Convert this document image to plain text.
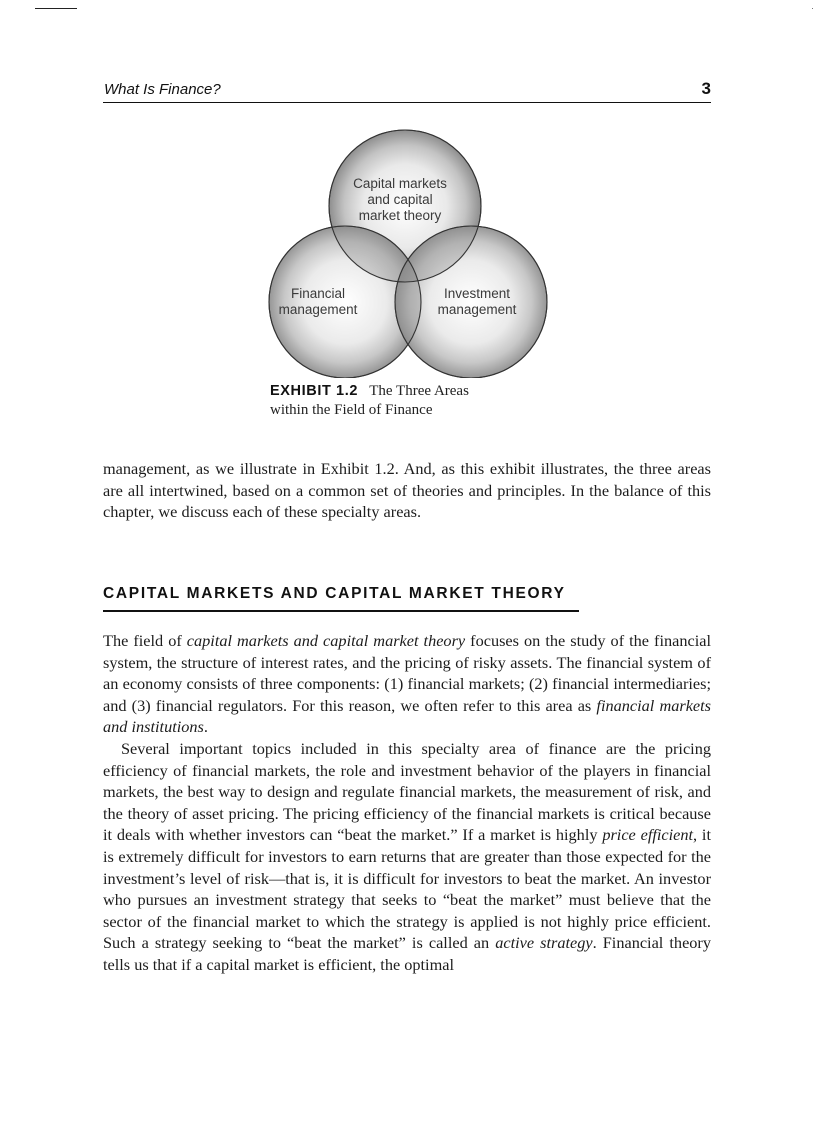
What Is Finance?	3
Capital markets
and capital
market theory
Financial
management
Investment
management
EXHIBIT 1.2 The Three Areas
within the Field of Finance

management, as we illustrate in Exhibit 1.2. And, as this exhibit illustrates, the three areas are all intertwined, based on a common set of theories and principles. In the balance of this chapter, we discuss each of these specialty areas.

CAPITAL MARKETS AND CAPITAL MARKET THEORY

The field of capital markets and capital market theory focuses on the study of the financial system, the structure of interest rates, and the pricing of risky assets. The financial system of an economy consists of three components: (1) financial markets; (2) financial intermediaries; and (3) financial regulators. For this reason, we often refer to this area as financial markets and institutions.

Several important topics included in this specialty area of finance are the pricing efficiency of financial markets, the role and investment behavior of the players in financial markets, the best way to design and regulate financial markets, the measurement of risk, and the theory of asset pricing. The pricing efficiency of the financial markets is critical because it deals with whether investors can “beat the market.” If a market is highly price efficient, it is extremely difficult for investors to earn returns that are greater than those expected for the investment’s level of risk—that is, it is difficult for investors to beat the market. An investor who pursues an investment strategy that seeks to “beat the market” must believe that the sector of the financial market to which the strategy is applied is not highly price efficient. Such a strategy seeking to “beat the market” is called an active strategy. Financial theory tells us that if a capital market is efficient, the optimal
